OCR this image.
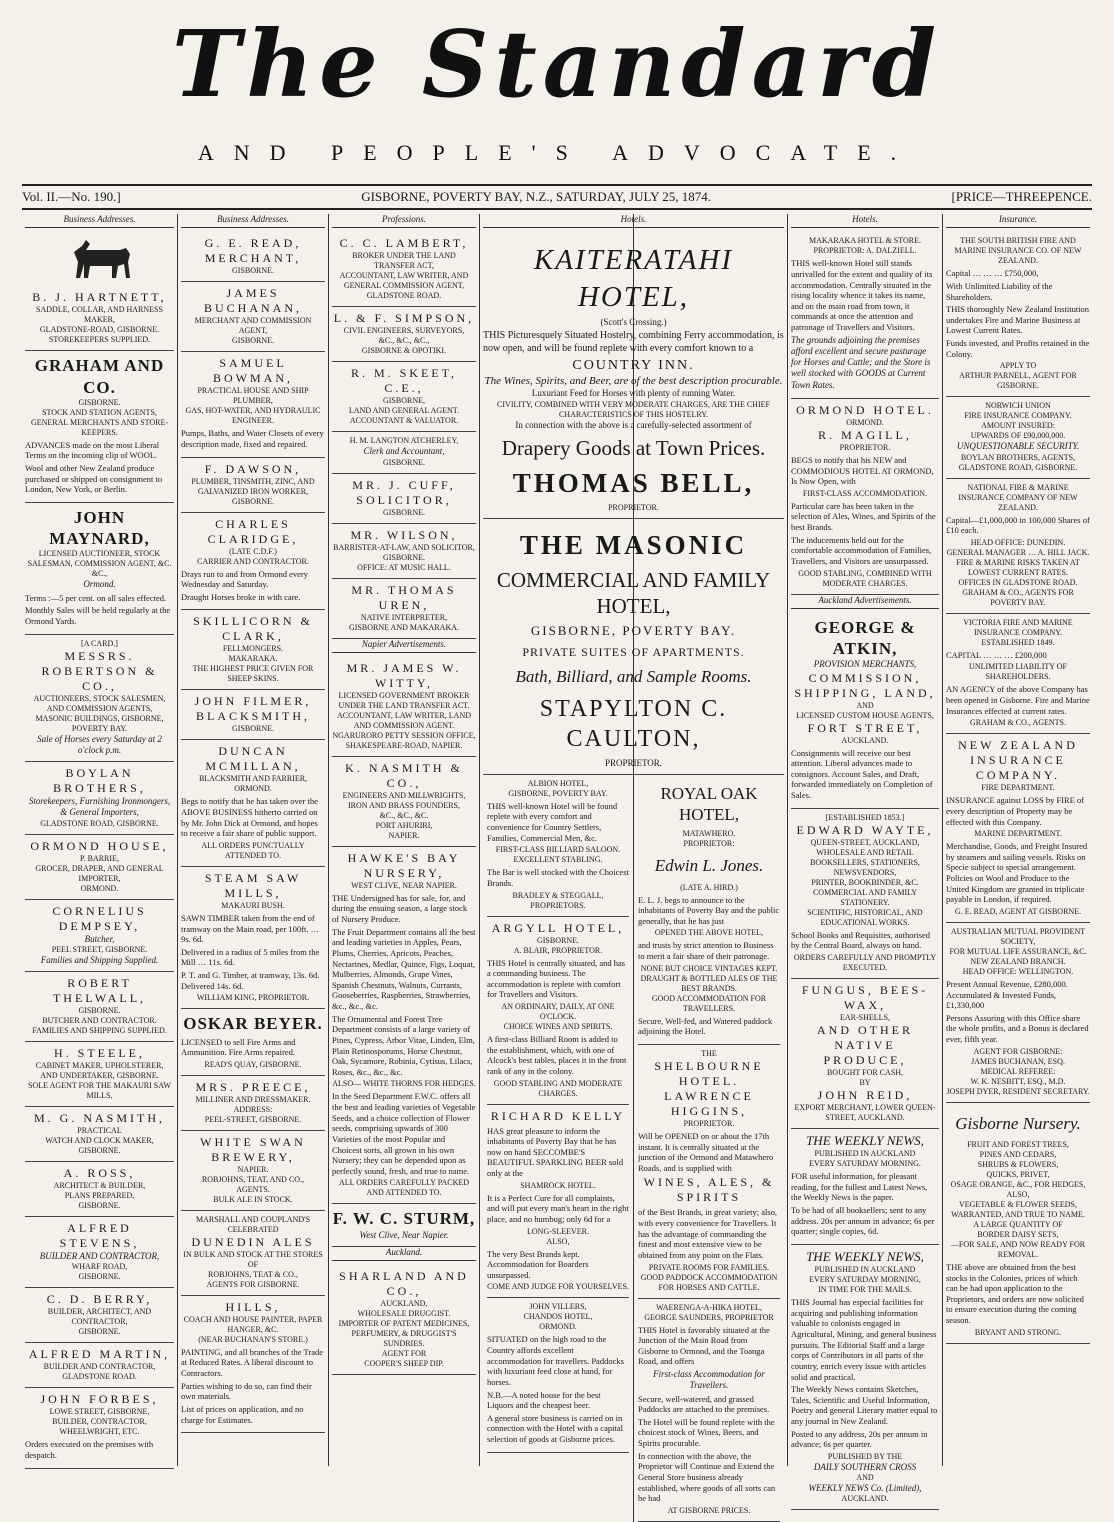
The Standard
AND PEOPLE'S ADVOCATE.
Vol. II.—No. 190.]	GISBORNE, POVERTY BAY, N.Z., SATURDAY, JULY 25, 1874.	[PRICE—THREEPENCE.
Business Addresses.
B. J. HARTNETT,
SADDLE, COLLAR, AND HARNESS MAKER,
GLADSTONE-ROAD, GISBORNE.
STOREKEEPERS SUPPLIED.
GRAHAM AND CO.
GISBORNE.
STOCK AND STATION AGENTS,
GENERAL MERCHANTS AND STORE-KEEPERS.

ADVANCES made on the most Liberal Terms on the incoming clip of WOOL.

Wool and other New Zealand produce purchased or shipped on consignment to London, New York, or Berlin.

JOHN MAYNARD,
LICENSED AUCTIONEER, STOCK SALESMAN, COMMISSION AGENT, &C. &C.,
Ormond.

Terms :—5 per cent. on all sales effected.

Monthly Sales will be held regularly at the Ormond Yards.

[A CARD.]
MESSRS. ROBERTSON & CO.,
AUCTIONEERS, STOCK SALESMEN,
AND COMMISSION AGENTS,
MASONIC BUILDINGS, GISBORNE, POVERTY BAY.
Sale of Horses every Saturday at 2 o'clock p.m.
BOYLAN BROTHERS,
Storekeepers, Furnishing Ironmongers, & General Importers,
GLADSTONE ROAD, GISBORNE.
ORMOND HOUSE,
P. BARRIE,
GROCER, DRAPER, AND GENERAL IMPORTER,
ORMOND.
CORNELIUS DEMPSEY,
Butcher,
PEEL STREET, GISBORNE.
Families and Shipping Supplied.
ROBERT THELWALL,
GISBORNE.
BUTCHER AND CONTRACTOR.
FAMILIES AND SHIPPING SUPPLIED.
H. STEELE,
CABINET MAKER, UPHOLSTERER,
AND UNDERTAKER, GISBORNE.
SOLE AGENT FOR THE MAKAURI SAW MILLS.
M. G. NASMITH,
PRACTICAL
WATCH AND CLOCK MAKER,
GISBORNE.
A. ROSS,
ARCHITECT & BUILDER,
PLANS PREPARED,
GISBORNE.
ALFRED STEVENS,
BUILDER AND CONTRACTOR,
WHARF ROAD,
GISBORNE.
C. D. BERRY,
BUILDER, ARCHITECT, AND CONTRACTOR,
GISBORNE.
ALFRED MARTIN,
BUILDER AND CONTRACTOR,
GLADSTONE ROAD.
JOHN FORBES,
LOWE STREET, GISBORNE,
BUILDER, CONTRACTOR, WHEELWRIGHT, ETC.

Orders executed on the premises with despatch.

Business Addresses.
G. E. READ,
MERCHANT,
GISBORNE.
JAMES BUCHANAN,
MERCHANT AND COMMISSION AGENT,
GISBORNE.
SAMUEL BOWMAN,
PRACTICAL HOUSE AND SHIP PLUMBER,
GAS, HOT-WATER, AND HYDRAULIC ENGINEER.

Pumps, Baths, and Water Closets of every description made, fixed and repaired.

F. DAWSON,
PLUMBER, TINSMITH, ZINC, AND GALVANIZED IRON WORKER,
GISBORNE.
CHARLES CLARIDGE,
(LATE C.D.F.)
CARRIER AND CONTRACTOR.

Drays run to and from Ormond every Wednesday and Saturday.

Draught Horses broke in with care.

SKILLICORN & CLARK,
FELLMONGERS.
MAKARAKA.
THE HIGHEST PRICE GIVEN FOR SHEEP SKINS.
JOHN FILMER,
BLACKSMITH,
GISBORNE.
DUNCAN MCMILLAN,
BLACKSMITH AND FARRIER,
ORMOND.

Begs to notify that he has taken over the ABOVE BUSINESS hitherto carried on by Mr. John Dick at Ormond, and hopes to receive a fair share of public support.

ALL ORDERS PUNCTUALLY ATTENDED TO.
STEAM SAW MILLS,
MAKAURI BUSH.

SAWN TIMBER taken from the end of tramway on the Main road, per 100ft. … 9s. 6d.

Delivered in a radius of 5 miles from the Mill … 11s. 6d.

P. T. and G. Timber, at tramway, 13s. 6d. Delivered 14s. 6d.

WILLIAM KING, PROPRIETOR.
OSKAR BEYER.

LICENSED to sell Fire Arms and Ammunition. Fire Arms repaired.

READ'S QUAY, GISBORNE.
MRS. PREECE,
MILLINER AND DRESSMAKER.
ADDRESS:
PEEL-STREET, GISBORNE.
WHITE SWAN BREWERY,
NAPIER.
ROBJOHNS, TEAT, AND CO.,
AGENTS.
BULK ALE IN STOCK.
MARSHALL AND COUPLAND'S
CELEBRATED
DUNEDIN ALES
IN BULK AND STOCK AT THE STORES OF
ROBJOHNS, TEAT & CO.,
AGENTS FOR GISBORNE.
HILLS,
COACH AND HOUSE PAINTER, PAPER HANGER, &C.
(NEAR BUCHANAN'S STORE.)

PAINTING, and all branches of the Trade at Reduced Rates. A liberal discount to Contractors.

Parties wishing to do so, can find their own materials.

List of prices on application, and no charge for Estimates.

Professions.
C. C. LAMBERT,
BROKER UNDER THE LAND TRANSFER ACT,
ACCOUNTANT, LAW WRITER, AND
GENERAL COMMISSION AGENT,
GLADSTONE ROAD.
L. & F. SIMPSON,
CIVIL ENGINEERS, SURVEYORS,
&C., &C., &C.,
GISBORNE & OPOTIKI.
R. M. SKEET, C.E.,
GISBORNE,
LAND AND GENERAL AGENT.
ACCOUNTANT & VALUATOR.
H. M. LANGTON ATCHERLEY,
Clerk and Accountant,
GISBORNE.
MR. J. CUFF,
SOLICITOR,
GISBORNE.
MR. WILSON,
BARRISTER-AT-LAW, AND SOLICITOR,
GISBORNE.
OFFICE: AT MUSIC HALL.
MR. THOMAS UREN,
NATIVE INTERPRETER,
GISBORNE AND MAKARAKA.
Napier Advertisements.
MR. JAMES W. WITTY,
LICENSED GOVERNMENT BROKER
UNDER THE LAND TRANSFER ACT.
ACCOUNTANT, LAW WRITER, LAND AND COMMISSION AGENT.
NGARURORO PETTY SESSION OFFICE,
SHAKESPEARE-ROAD, NAPIER.
K. NASMITH & CO.,
ENGINEERS AND MILLWRIGHTS,
IRON AND BRASS FOUNDERS,
&C., &C., &C.
PORT AHURIRI,
NAPIER.
HAWKE'S BAY NURSERY,
WEST CLIVE, NEAR NAPIER.

THE Undersigned has for sale, for, and during the ensuing season, a large stock of Nursery Produce.

The Fruit Department contains all the best and leading varieties in Apples, Pears, Plums, Cherries, Apricots, Peaches, Nectarines, Medlar, Quince, Figs, Loquat, Mulberries, Almonds, Grape Vines, Spanish Chestnuts, Walnuts, Currants, Gooseberries, Raspberries, Strawberries, &c., &c., &c.

The Ornamental and Forest Tree Department consists of a large variety of Pines, Cypress, Arbor Vitae, Linden, Elm, Plain Retinosporums, Horse Chestnut, Oak, Sycamore, Robinia, Cytisus, Lilacs, Roses, &c., &c., &c.

ALSO— WHITE THORNS FOR HEDGES.

In the Seed Department F.W.C. offers all the best and leading varieties of Vegetable Seeds, and a choice collection of Flower seeds, comprising upwards of 300 Varieties of the most Popular and Choicest sorts, all grown in his own Nursery; they can be depended upon as perfectly sound, fresh, and true to name.

ALL ORDERS CAREFULLY PACKED AND ATTENDED TO.
F. W. C. STURM,
West Clive, Near Napier.
Auckland.
SHARLAND AND CO.,
AUCKLAND,
WHOLESALE DRUGGIST.
IMPORTER OF PATENT MEDICINES, PERFUMERY, & DRUGGIST'S SUNDRIES.
AGENT FOR
COOPER'S SHEEP DIP.
Hotels.
KAITERATAHI HOTEL,
(Scott's Crossing.)

THIS Picturesquely Situated Hostelry, combining Ferry accommodation, is now open, and will be found replete with every comfort known to a

COUNTRY INN.
The Wines, Spirits, and Beer, are of the best description procurable.
Luxuriant Feed for Horses with plenty of running Water.
CIVILITY, COMBINED WITH VERY MODERATE CHARGES, ARE THE CHIEF CHARACTERISTICS OF THIS HOSTELRY.
In connection with the above is a carefully-selected assortment of
Drapery Goods at Town Prices.
THOMAS BELL,
PROPRIETOR.
THE MASONIC
COMMERCIAL AND FAMILY HOTEL,
GISBORNE, POVERTY BAY.
PRIVATE SUITES OF APARTMENTS.
Bath, Billiard, and Sample Rooms.
STAPYLTON C. CAULTON,
PROPRIETOR.
ALBION HOTEL,
GISBORNE, POVERTY BAY.

THIS well-known Hotel will be found replete with every comfort and convenience for Country Settlers, Families, Commercial Men, &c.

FIRST-CLASS BILLIARD SALOON.
EXCELLENT STABLING.

The Bar is well stocked with the Choicest Brands.

BRADLEY & STEGGALL, PROPRIETORS.
ARGYLL HOTEL,
GISBORNE.
A. BLAIR, PROPRIETOR.

THIS Hotel is centrally situated, and has a commanding business. The accommodation is replete with comfort for Travellers and Visitors.

AN ORDINARY, DAILY, AT ONE O'CLOCK.
CHOICE WINES AND SPIRITS.

A first-class Billiard Room is added to the establishment, which, with one of Alcock's best tables, places it in the front rank of any in the colony.

GOOD STABLING AND MODERATE CHARGES.
RICHARD KELLY

HAS great pleasure to inform the inhabitants of Poverty Bay that he has now on hand SECCOMBE'S BEAUTIFUL SPARKLING BEER sold only at the

SHAMROCK HOTEL.

It is a Perfect Cure for all complaints, and will put every man's heart in the right place, and no humbug; only 6d for a

LONG-SLEEVER.
ALSO,

The very Best Brands kept. Accommodation for Boarders unsurpassed.

COME AND JUDGE FOR YOURSELVES.
JOHN VILLERS,
CHANDOS HOTEL,
ORMOND.

SITUATED on the high road to the Country affords excellent accommodation for travellers. Paddocks with luxuriant feed close at hand, for horses.

N.B.—A noted house for the best Liquors and the cheapest beer.

A general store business is carried on in connection with the Hotel with a capital selection of goods at Gisborne prices.

ROYAL OAK HOTEL,
MATAWHERO.
PROPRIETOR:
Edwin L. Jones.
(LATE A. HIRD.)

E. L. J. begs to announce to the inhabitants of Poverty Bay and the public generally, that he has just

OPENED THE ABOVE HOTEL,

and trusts by strict attention to Business to merit a fair share of their patronage.

NONE BUT CHOICE VINTAGES KEPT.
DRAUGHT & BOTTLED ALES OF THE BEST BRANDS.
GOOD ACCOMMODATION FOR TRAVELLERS.

Secure, Well-fed, and Watered paddock adjoining the Hotel.

THE
SHELBOURNE HOTEL.
LAWRENCE HIGGINS,
PROPRIETOR.

Will be OPENED on or about the 17th instant. It is centrally situated at the junction of the Ormond and Matawhero Roads, and is supplied with

WINES, ALES, & SPIRITS

of the Best Brands, in great variety; also, with every convenience for Travellers. It has the advantage of commanding the finest and most extensive view to be obtained from any point on the Flats.

PRIVATE ROOMS FOR FAMILIES.
GOOD PADDOCK ACCOMMODATION FOR HORSES AND CATTLE.
WAERENGA-A-HIKA HOTEL,
GEORGE SAUNDERS, PROPRIETOR

THIS Hotel is favorably situated at the Junction of the Main Road from Gisborne to Ormond, and the Toanga Road, and offers

First-class Accommodation for Travellers.

Secure, well-watered, and grassed Paddocks are attached to the premises.

The Hotel will be found replete with the choicest stock of Wines, Beers, and Spirits procurable.

In connection with the above, the Proprietor will Continue and Extend the General Store business already established, where goods of all sorts can be had

AT GISBORNE PRICES.
Hotels.
MAKARAKA HOTEL & STORE.
PROPRIETOR: A. DALZIELL.

THIS well-known Hotel still stands unrivalled for the extent and quality of its accommodation. Centrally situated in the rising locality whence it takes its name, and on the main road from town, it commands at once the attention and patronage of Travellers and Visitors.

The grounds adjoining the premises afford excellent and secure pasturage for Horses and Cattle; and the Store is well stocked with GOODS at Current Town Rates.

ORMOND HOTEL.
ORMOND.
R. MAGILL,
PROPRIETOR.

BEGS to notify that his NEW and COMMODIOUS HOTEL AT ORMOND, Is Now Open, with

FIRST-CLASS ACCOMMODATION.

Particular care has been taken in the selection of Ales, Wines, and Spirits of the best Brands.

The inducements held out for the comfortable accommodation of Families, Travellers, and Visitors are unsurpassed.

GOOD STABLING, COMBINED WITH MODERATE CHARGES.
Auckland Advertisements.
GEORGE & ATKIN,
PROVISION MERCHANTS,
COMMISSION,
SHIPPING, LAND,
AND
LICENSED CUSTOM HOUSE AGENTS,
FORT STREET,
AUCKLAND.

Consignments will receive our best attention. Liberal advances made to consignors. Account Sales, and Draft, forwarded immediately on Completion of Sales.

[ESTABLISHED 1853.]
EDWARD WAYTE,
QUEEN-STREET, AUCKLAND,
WHOLESALE AND RETAIL BOOKSELLERS, STATIONERS, NEWSVENDORS,
PRINTER, BOOKBINDER, &C.
COMMERCIAL AND FAMILY STATIONERY.
SCIENTIFIC, HISTORICAL, AND EDUCATIONAL WORKS.

School Books and Requisites, authorised by the Central Board, always on hand.

ORDERS CAREFULLY AND PROMPTLY EXECUTED.
FUNGUS, BEES-WAX,
EAR-SHELLS,
AND OTHER NATIVE PRODUCE,
BOUGHT FOR CASH,
BY
JOHN REID,
EXPORT MERCHANT, LOWER QUEEN-STREET, AUCKLAND.
THE WEEKLY NEWS,
PUBLISHED IN AUCKLAND
EVERY SATURDAY MORNING.

FOR useful information, for pleasant reading, for the fullest and Latest News, the Weekly News is the paper.

To be had of all booksellers; sent to any address. 20s per annum in advance; 6s per quarter; single copies, 6d.

THE WEEKLY NEWS,
PUBLISHED IN AUCKLAND
EVERY SATURDAY MORNING,
IN TIME FOR THE MAILS.

THIS Journal has especial facilities for acquiring and publishing information valuable to colonists engaged in Agricultural, Mining, and general business pursuits. The Editorial Staff and a large corps of Contributors in all parts of the country, enrich every issue with articles solid and practical.

The Weekly News contains Sketches, Tales, Scientific and Useful Information, Poetry and general Literary matter equal to any journal in New Zealand.

Posted to any address, 20s per annum in advance; 6s per quarter.

PUBLISHED BY THE
DAILY SOUTHERN CROSS
AND
WEEKLY NEWS Co. (Limited),
AUCKLAND.
Insurance.
THE SOUTH BRITISH FIRE AND MARINE INSURANCE CO. OF NEW ZEALAND.

Capital … … … £750,000,

With Unlimited Liability of the Shareholders.

THIS thoroughly New Zealand Institution undertakes Fire and Marine Business at Lowest Current Rates.

Funds invested, and Profits retained in the Colony.

APPLY TO
ARTHUR PARNELL, AGENT FOR GISBORNE.
NORWICH UNION
FIRE INSURANCE COMPANY.
AMOUNT INSURED:
UPWARDS OF £90,000,000.
UNQUESTIONABLE SECURITY.
BOYLAN BROTHERS, AGENTS,
GLADSTONE ROAD, GISBORNE.
NATIONAL FIRE & MARINE INSURANCE COMPANY OF NEW ZEALAND.

Capital—£1,000,000 in 100,000 Shares of £10 each.

HEAD OFFICE: DUNEDIN.
GENERAL MANAGER … A. HILL JACK.
FIRE & MARINE RISKS TAKEN AT LOWEST CURRENT RATES.
OFFICES IN GLADSTONE ROAD.
GRAHAM & CO., AGENTS FOR POVERTY BAY.
VICTORIA FIRE AND MARINE INSURANCE COMPANY.
ESTABLISHED 1849.

CAPITAL … … … £200,000

UNLIMITED LIABILITY OF SHAREHOLDERS.

AN AGENCY of the above Company has been opened in Gisborne. Fire and Marine Insurances effected at current rates.

GRAHAM & CO., AGENTS.
NEW ZEALAND INSURANCE COMPANY.
FIRE DEPARTMENT.

INSURANCE against LOSS by FIRE of every description of Property may be effected with this Company.

MARINE DEPARTMENT.

Merchandise, Goods, and Freight Insured by steamers and sailing vessels. Risks on Specie subject to special arrangement. Policies on Wool and Produce to the United Kingdom are granted in triplicate payable in London, if required.

G. E. READ, AGENT AT GISBORNE.
AUSTRALIAN MUTUAL PROVIDENT SOCIETY,
FOR MUTUAL LIFE ASSURANCE, &C.
NEW ZEALAND BRANCH.
HEAD OFFICE: WELLINGTON.

Present Annual Revenue, £280,000. Accumulated & Invested Funds, £1,330,000

Persons Assuring with this Office share the whole profits, and a Bonus is declared ever, fifth year.

AGENT FOR GISBORNE:
JAMES BUCHANAN, ESQ.
MEDICAL REFEREE:
W. K. NESBITT, ESQ., M.D.
JOSEPH DYER, RESIDENT SECRETARY.
Gisborne Nursery.
FRUIT AND FOREST TREES,
PINES AND CEDARS,
SHRUBS & FLOWERS,
QUICKS, PRIVET,
OSAGE ORANGE, &C., FOR HEDGES,
ALSO,
VEGETABLE & FLOWER SEEDS,
WARRANTED, AND TRUE TO NAME.
A LARGE QUANTITY OF
BORDER DAISY SETS,
—FOR SALE, AND NOW READY FOR REMOVAL.

THE above are obtained from the best stocks in the Colonies, prices of which can be had upon application to the Proprietors, and orders are now solicited to ensure execution during the coming season.

BRYANT AND STRONG.
